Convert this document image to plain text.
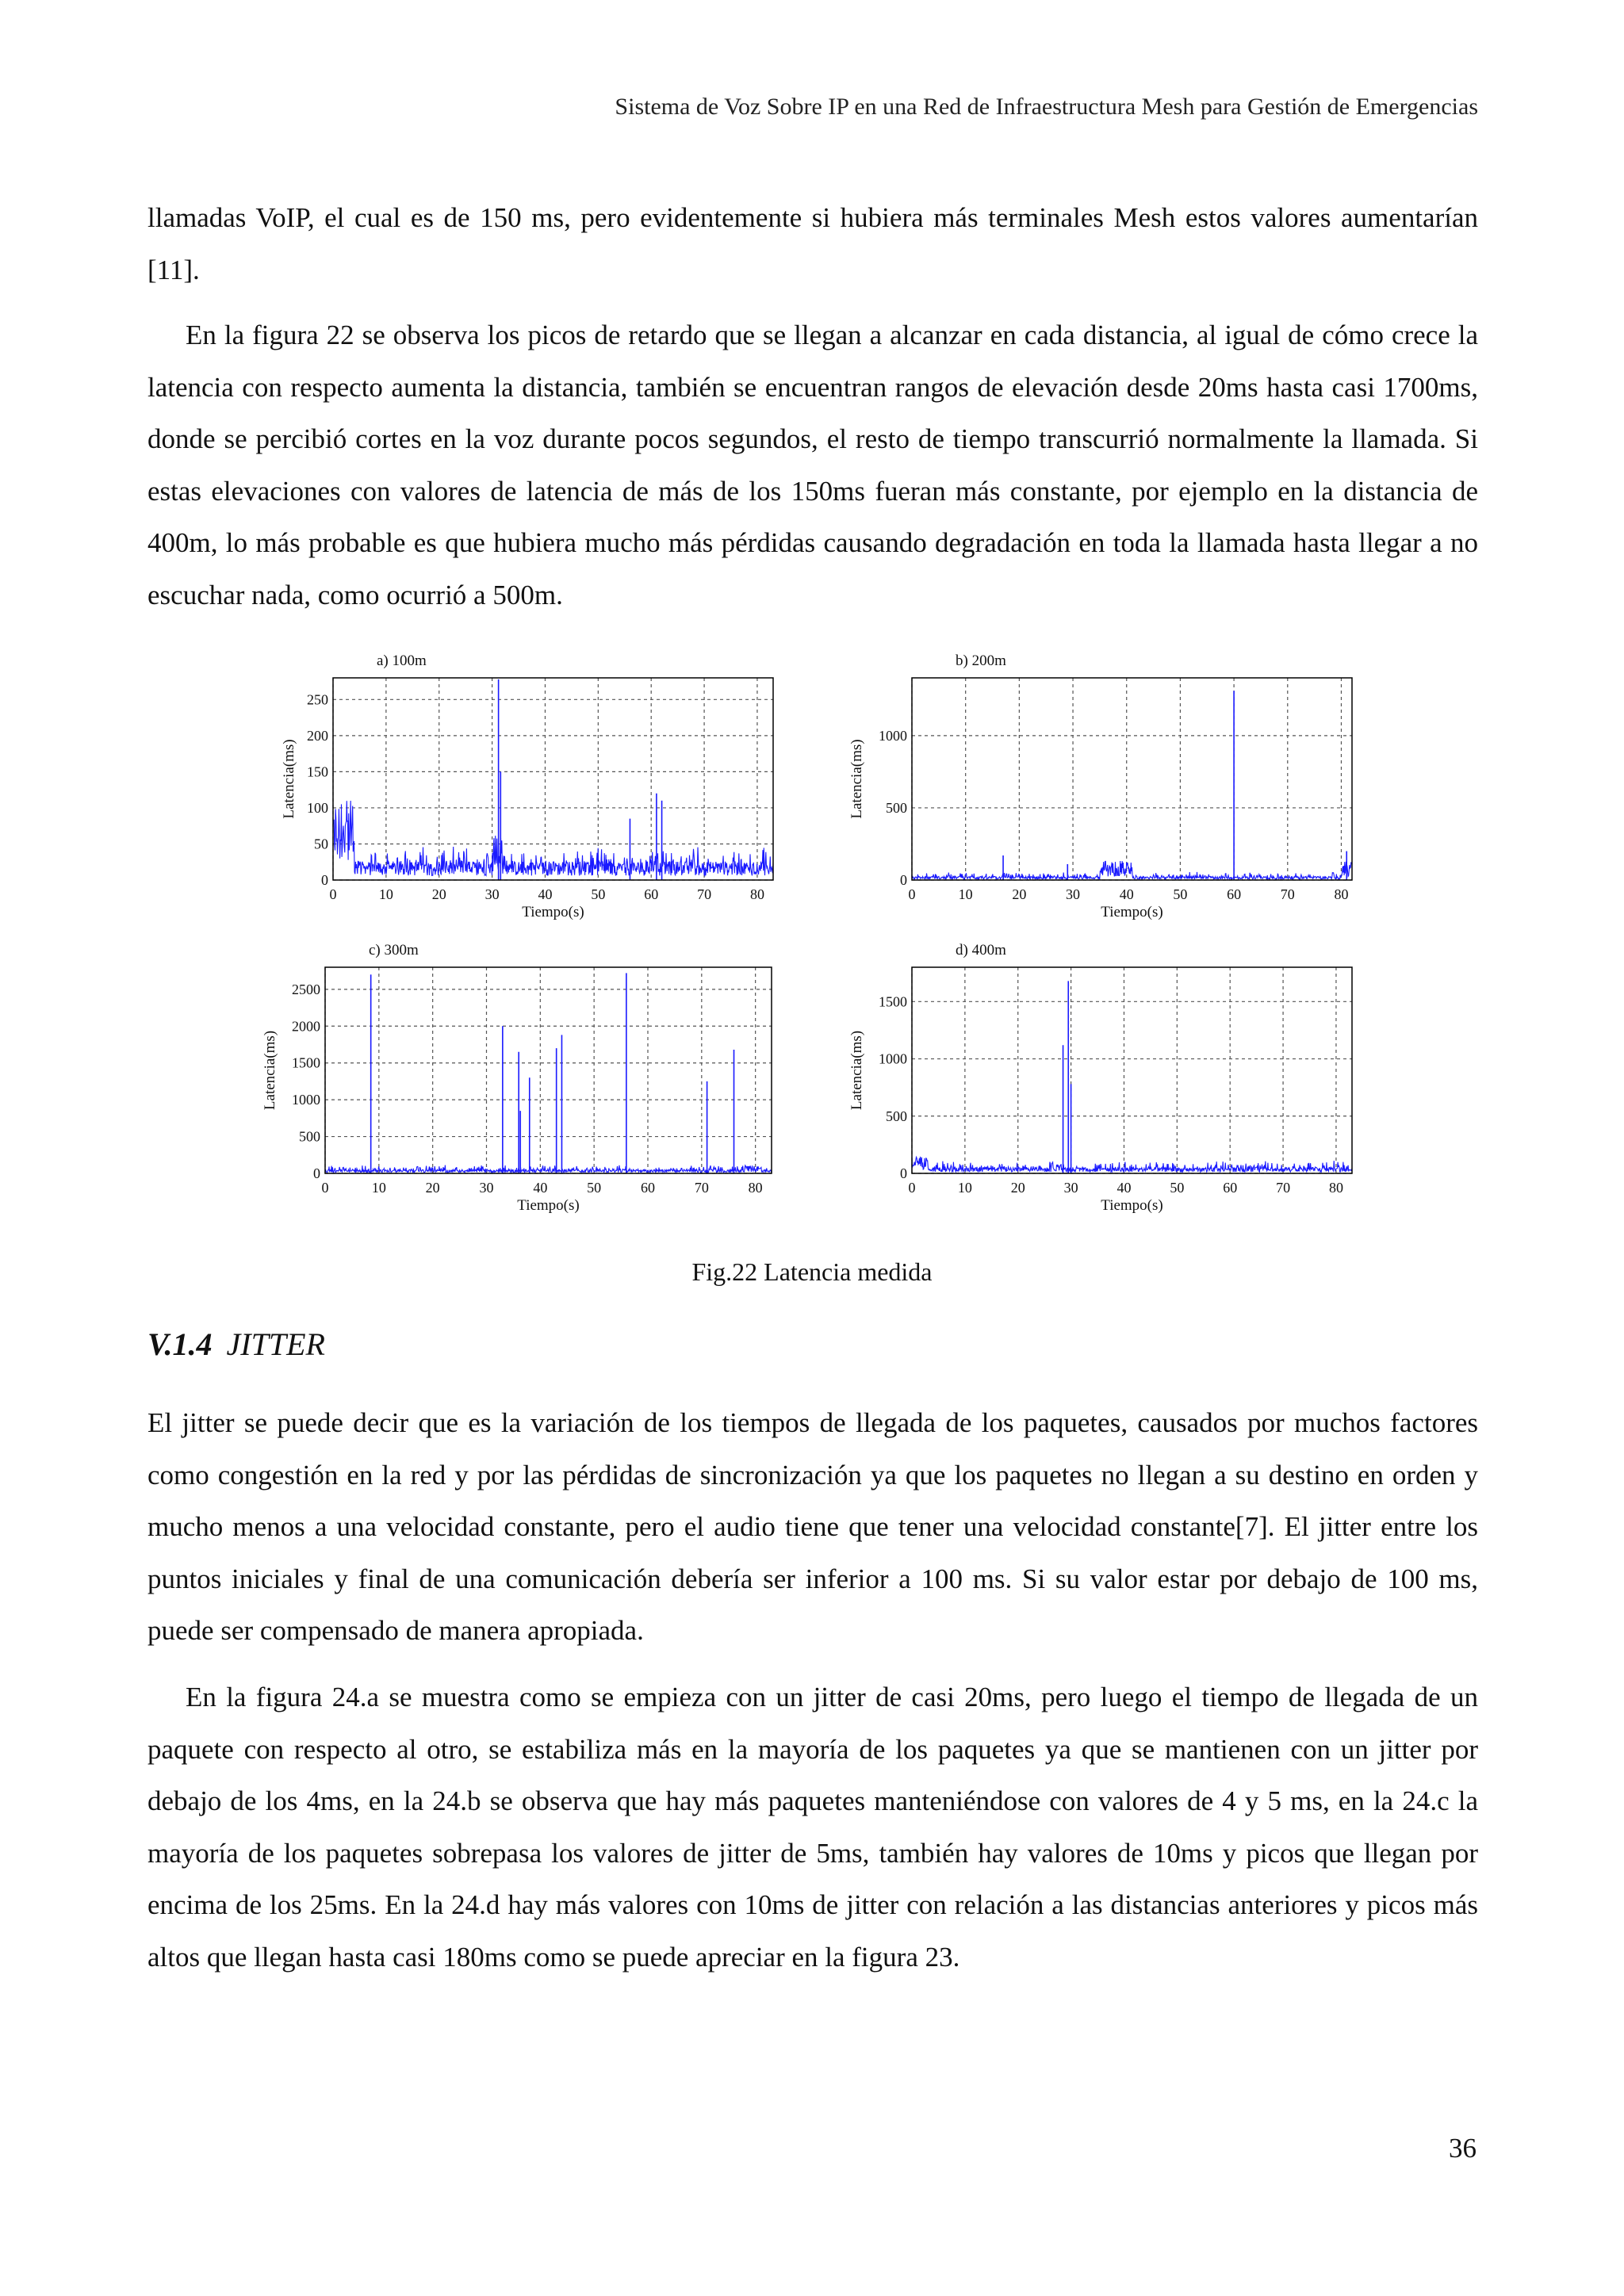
Sistema de Voz Sobre IP en una Red de Infraestructura Mesh para Gestión de Emergencias

llamadas VoIP, el cual es de 150 ms, pero evidentemente si hubiera más terminales Mesh estos valores aumentarían [11].

En la figura 22 se observa los picos de retardo que se llegan a alcanzar en cada distancia, al igual de cómo crece la latencia con respecto aumenta la distancia, también se encuentran rangos de elevación desde 20ms hasta casi 1700ms, donde se percibió cortes en la voz durante pocos segundos, el resto de tiempo transcurrió normalmente la llamada. Si estas elevaciones con valores de latencia de más de los 150ms fueran más constante, por ejemplo en la distancia de 400m, lo más probable es que hubiera mucho más pérdidas causando degradación en toda la llamada hasta llegar a no escuchar nada, como ocurrió a 500m.

0	10	20	30	40	50	60	70	80
0
50
100
150
200
250
Tiempo(s)
Latencia(ms)
a) 100m
0	10	20	30	40	50	60	70	80
0
500
1000
Tiempo(s)
Latencia(ms)
b) 200m
0	10	20	30	40	50	60	70	80
0
500
1000
1500
2000
2500
Tiempo(s)
Latencia(ms)
c) 300m
0	10	20	30	40	50	60	70	80
0
500
1000
1500
Tiempo(s)
Latencia(ms)
d) 400m
Fig.22 Latencia medida
V.1.4 JITTER

El jitter se puede decir que es la variación de los tiempos de llegada de los paquetes, causados por muchos factores como congestión en la red y por las pérdidas de sincronización ya que los paquetes no llegan a su destino en orden y mucho menos a una velocidad constante, pero el audio tiene que tener una velocidad constante[7]. El jitter entre los puntos iniciales y final de una comunicación debería ser inferior a 100 ms. Si su valor estar por debajo de 100 ms, puede ser compensado de manera apropiada.

En la figura 24.a se muestra como se empieza con un jitter de casi 20ms, pero luego el tiempo de llegada de un paquete con respecto al otro, se estabiliza más en la mayoría de los paquetes ya que se mantienen con un jitter por debajo de los 4ms, en la 24.b se observa que hay más paquetes manteniéndose con valores de 4 y 5 ms, en la 24.c la mayoría de los paquetes sobrepasa los valores de jitter de 5ms, también hay valores de 10ms y picos que llegan por encima de los 25ms. En la 24.d hay más valores con 10ms de jitter con relación a las distancias anteriores y picos más altos que llegan hasta casi 180ms como se puede apreciar en la figura 23.

36
